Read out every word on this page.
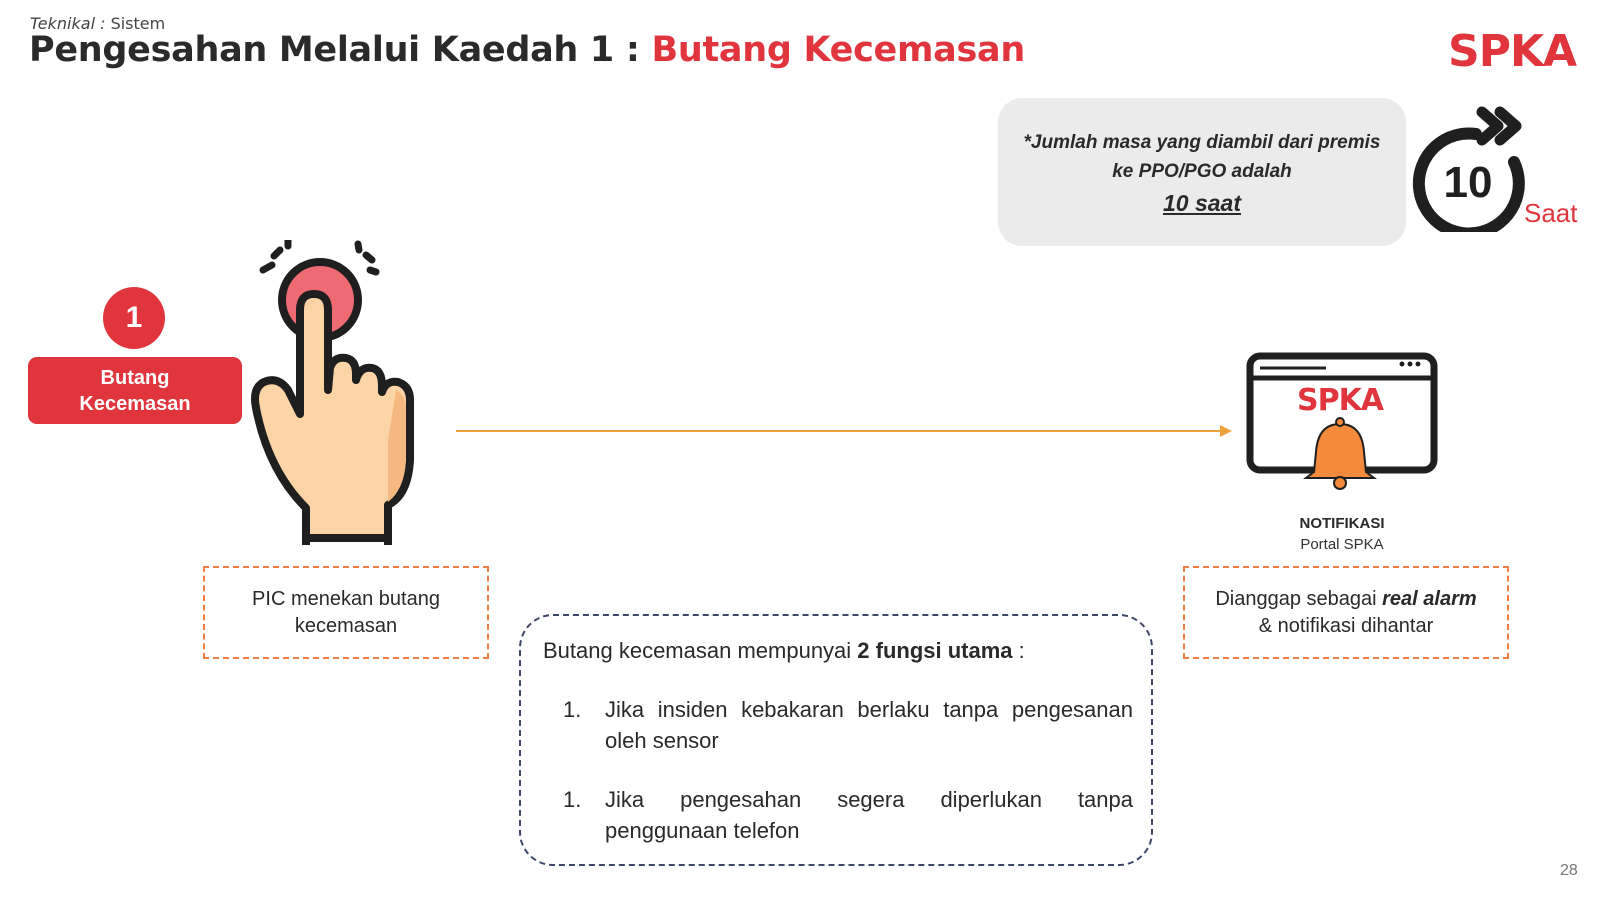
Teknikal : Sistem
Pengesahan Melalui Kaedah 1 : Butang Kecemasan	SPKA
*Jumlah masa yang diambil dari premis
ke PPO/PGO adalah
10 saat	10
Saat
1
Butang
Kecemasan	SPKA
NOTIFIKASI
Portal SPKA
PIC menekan butang
kecemasan
Dianggap sebagai real alarm
& notifikasi dihantar
Butang kecemasan mempunyai 2 fungsi utama :
1. Jika insiden kebakaran berlaku tanpa pengesanan oleh sensor
1. Jika pengesahan segera diperlukan tanpa penggunaan telefon
28
